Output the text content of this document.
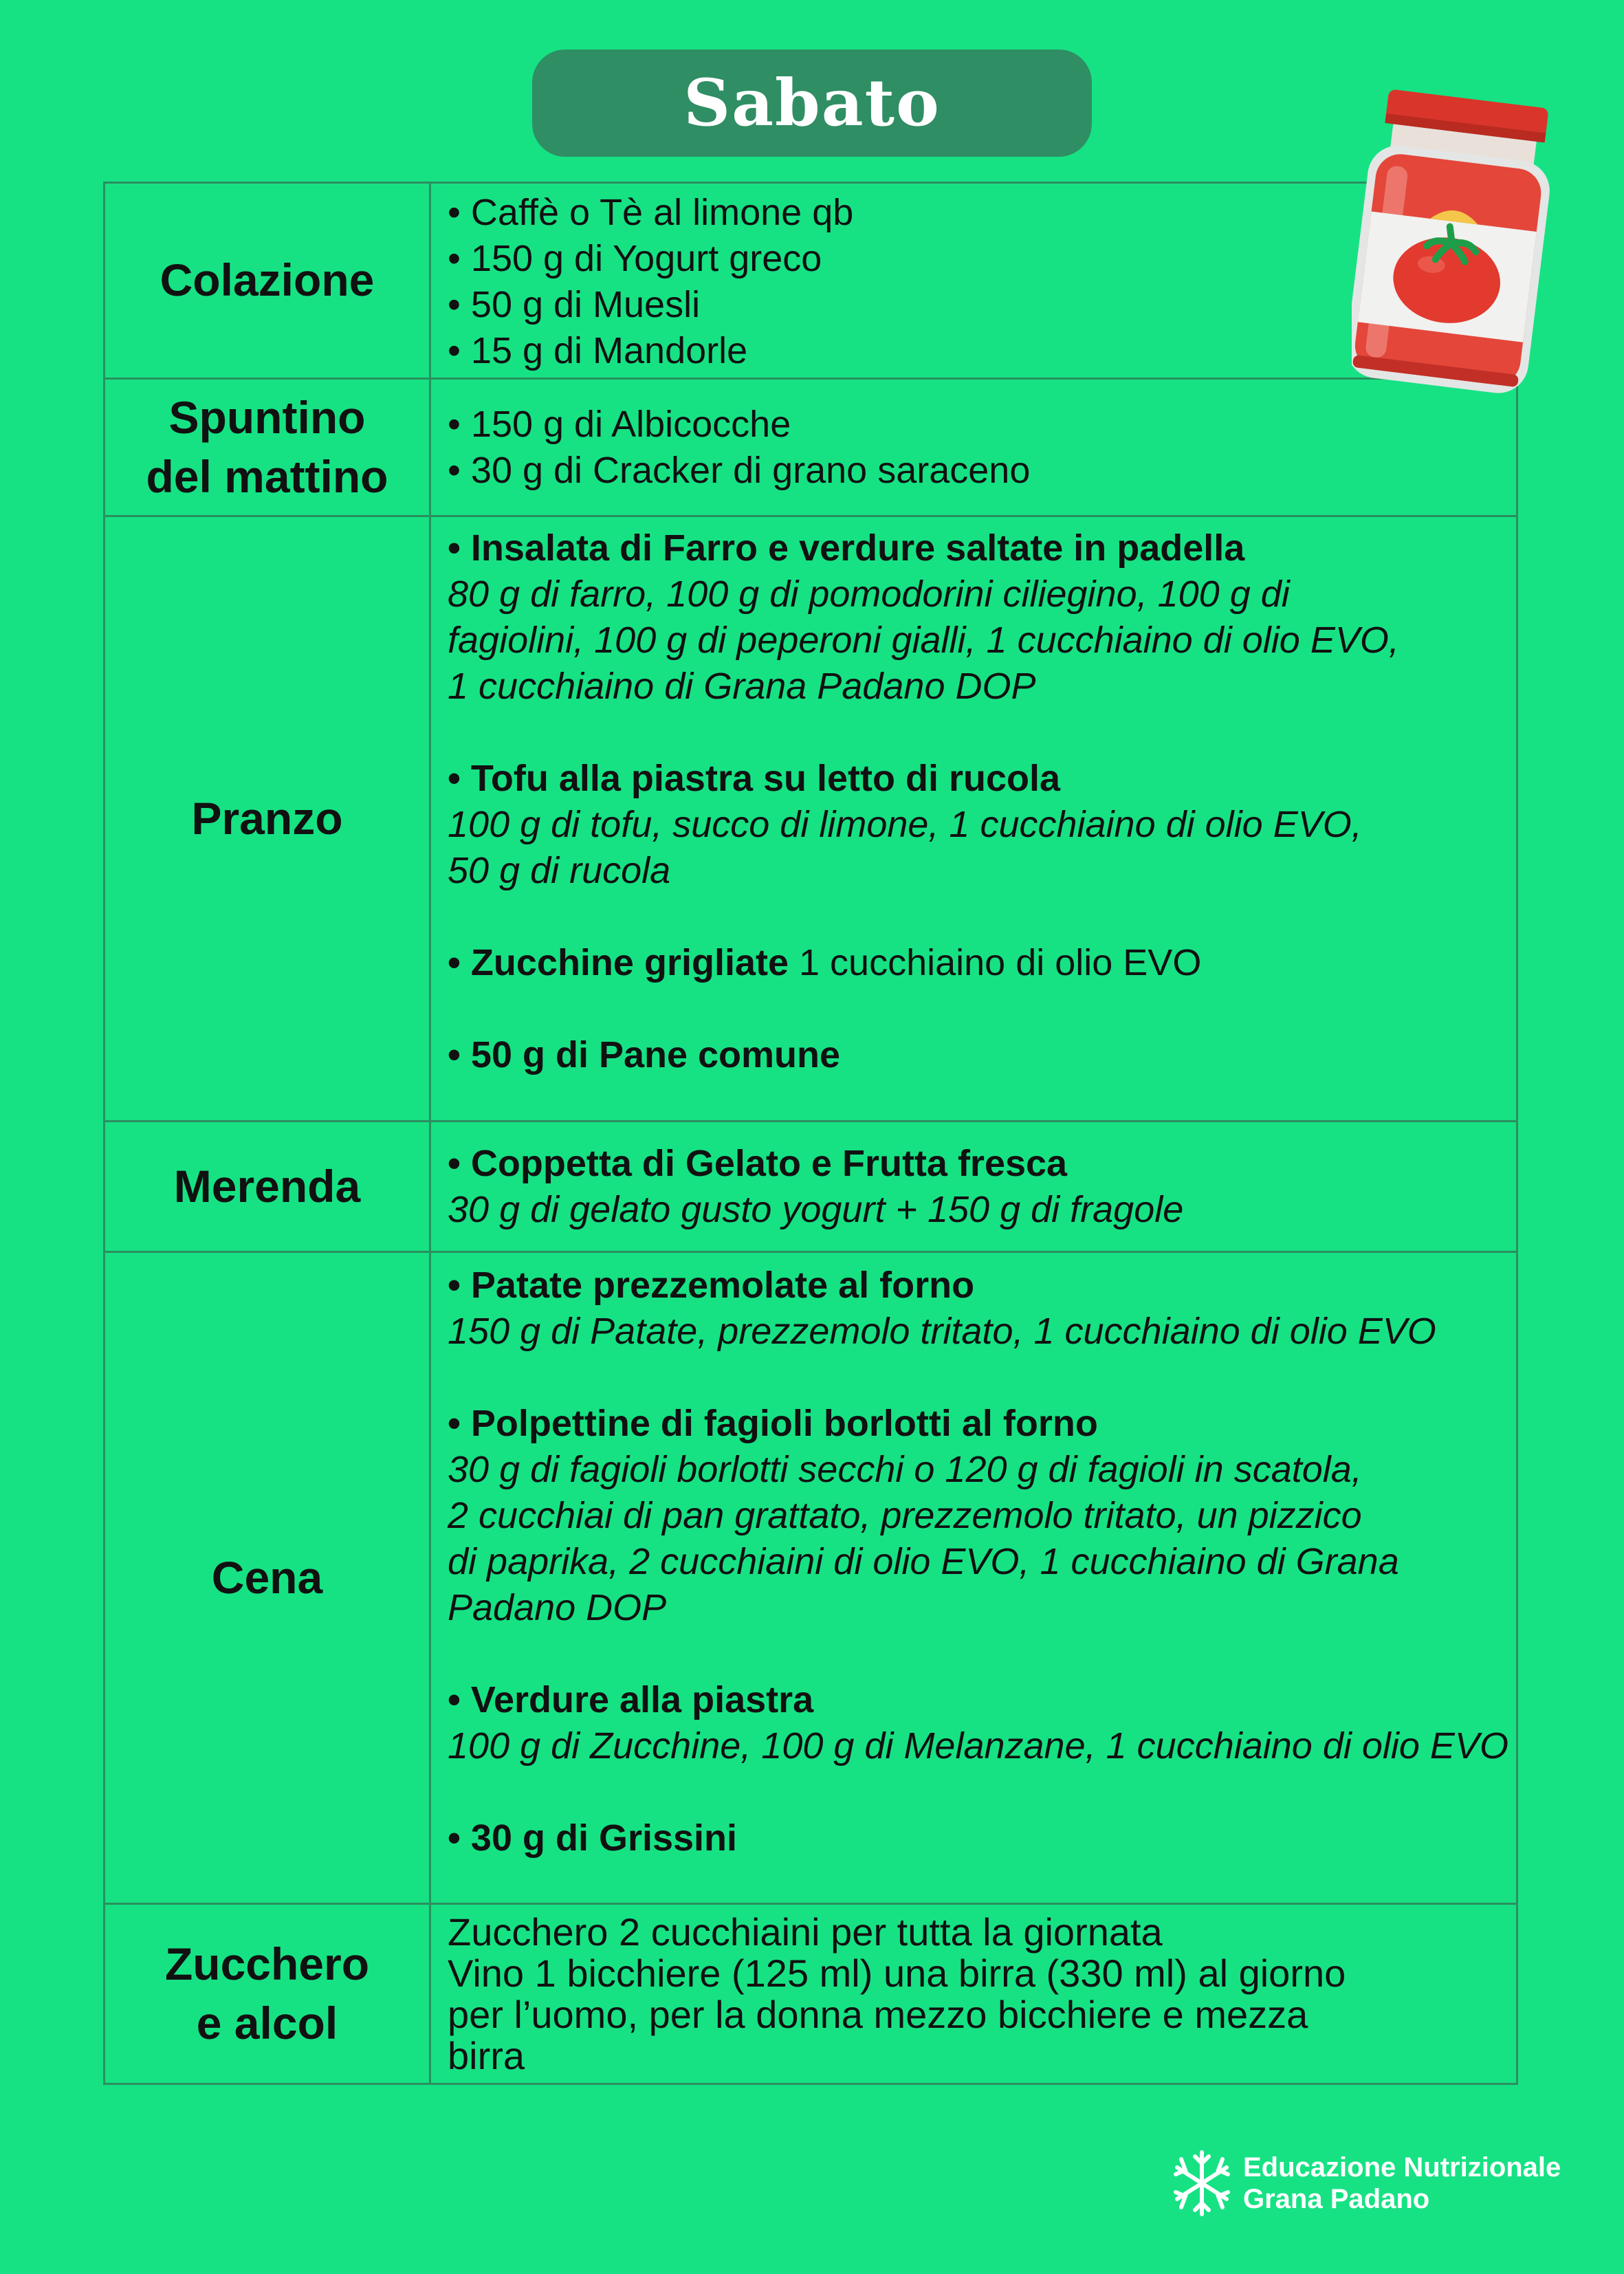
Sabato
Colazione
• Caffè o Tè al limone qb
• 150 g di Yogurt greco
• 50 g di Muesli
• 15 g di Mandorle
Spuntino
del mattino
• 150 g di Albicocche
• 30 g di Cracker di grano saraceno
Pranzo
• Insalata di Farro e verdure saltate in padella
80 g di farro, 100 g di pomodorini ciliegino, 100 g di
fagiolini, 100 g di peperoni gialli, 1 cucchiaino di olio EVO,
1 cucchiaino di Grana Padano DOP
• Tofu alla piastra su letto di rucola
100 g di tofu, succo di limone, 1 cucchiaino di olio EVO,
50 g di rucola
• Zucchine grigliate 1 cucchiaino di olio EVO
• 50 g di Pane comune
Merenda • Coppetta di Gelato e Frutta fresca
30 g di gelato gusto yogurt + 150 g di fragole
Cena
• Patate prezzemolate al forno
150 g di Patate, prezzemolo tritato, 1 cucchiaino di olio EVO
• Polpettine di fagioli borlotti al forno
30 g di fagioli borlotti secchi o 120 g di fagioli in scatola,
2 cucchiai di pan grattato, prezzemolo tritato, un pizzico
di paprika, 2 cucchiaini di olio EVO, 1 cucchiaino di Grana
Padano DOP
• Verdure alla piastra
100 g di Zucchine, 100 g di Melanzane, 1 cucchiaino di olio EVO
• 30 g di Grissini
Zucchero
e alcol
Zucchero 2 cucchiaini per tutta la giornata
Vino 1 bicchiere (125 ml) una birra (330 ml) al giorno
per l’uomo, per la donna mezzo bicchiere e mezza
birra
Educazione Nutrizionale
Grana Padano
